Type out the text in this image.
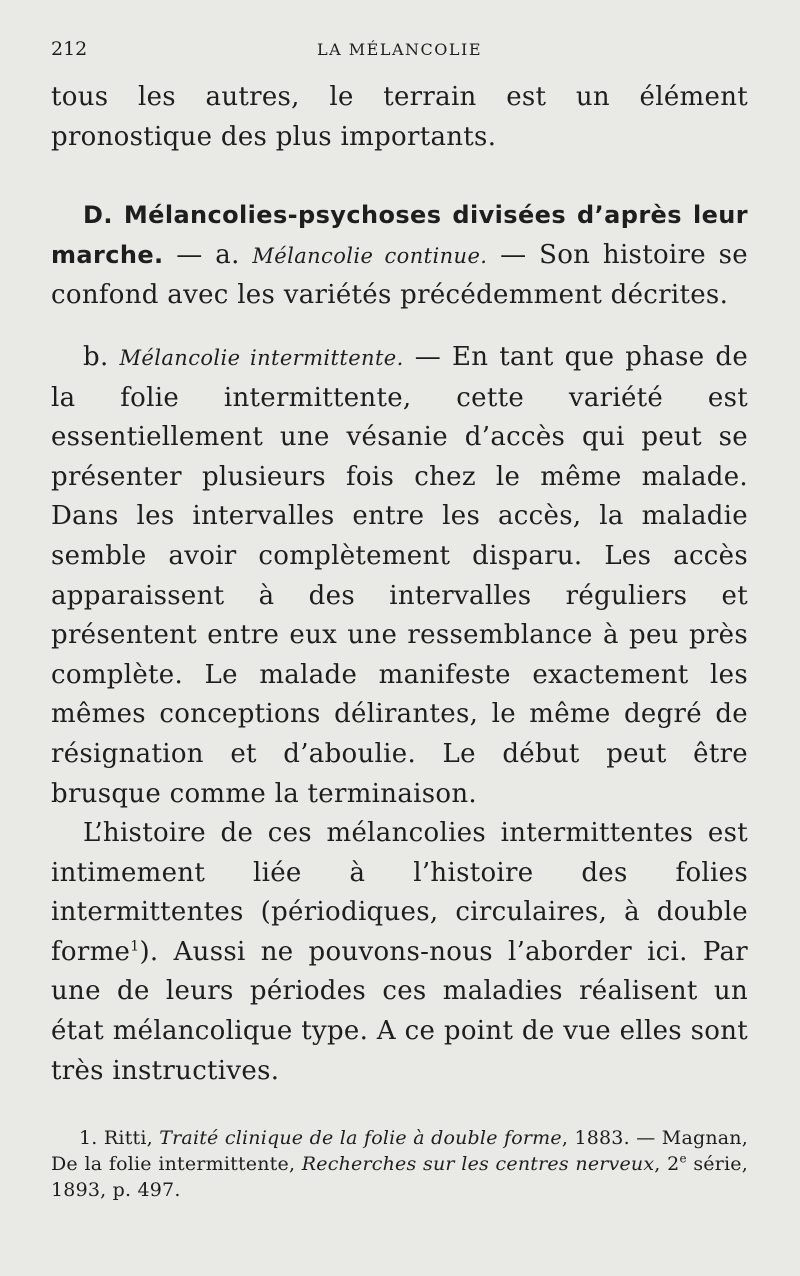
212	LA MÉLANCOLIE

tous les autres, le terrain est un élément pronostique des plus importants.

D. Mélancolies-psychoses divisées d’après leur marche. — a. Mélancolie continue. — Son histoire se confond avec les variétés précédemment décrites.

b. Mélancolie intermittente. — En tant que phase de la folie intermittente, cette variété est essentiellement une vésanie d’accès qui peut se présenter plusieurs fois chez le même malade. Dans les intervalles entre les accès, la maladie semble avoir complètement disparu. Les accès apparaissent à des intervalles réguliers et présentent entre eux une ressemblance à peu près complète. Le malade manifeste exactement les mêmes conceptions délirantes, le même degré de résignation et d’aboulie. Le début peut être brusque comme la terminaison.

L’histoire de ces mélancolies intermittentes est intimement liée à l’histoire des folies intermittentes (périodiques, circulaires, à double forme$^1$). Aussi ne pouvons-nous l’aborder ici. Par une de leurs périodes ces maladies réalisent un état mélancolique type. A ce point de vue elles sont très instructives.

1. Ritti, Traité clinique de la folie à double forme, 1883. — Magnan, De la folie intermittente, Recherches sur les centres nerveux, 2e série, 1893, p. 497.
